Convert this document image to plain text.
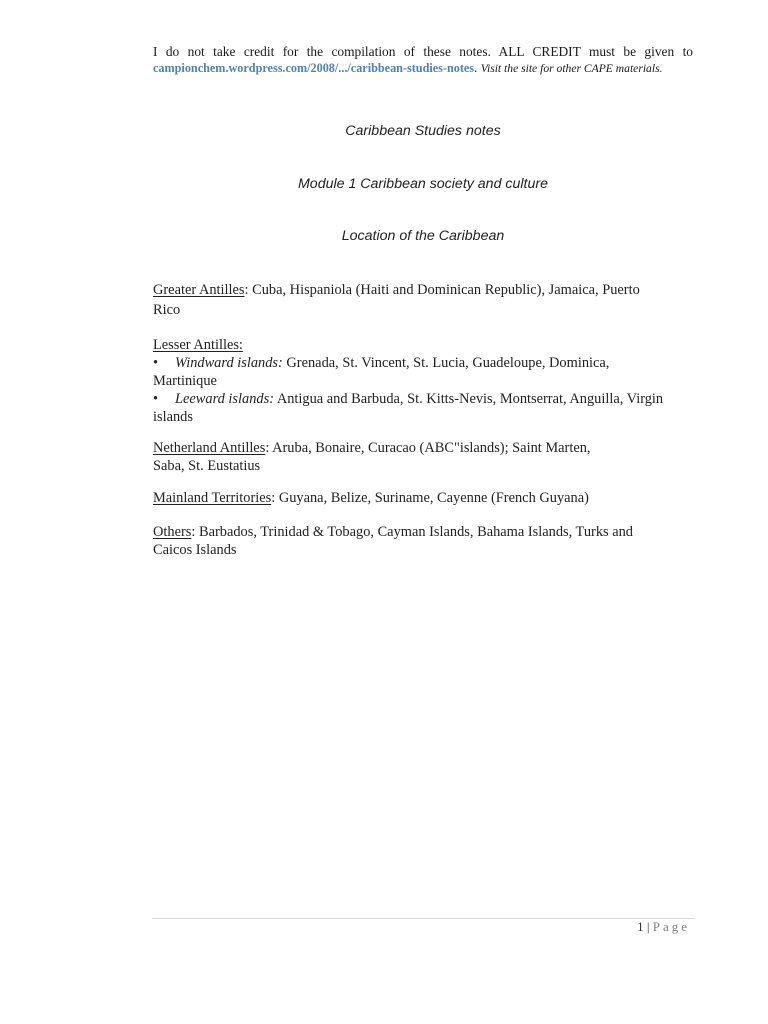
I do not take credit for the compilation of these notes. ALL CREDIT must be given to
campionchem.wordpress.com/2008/.../caribbean-studies-notes. Visit the site for other CAPE materials.
Caribbean Studies notes
Module 1 Caribbean society and culture
Location of the Caribbean
Greater Antilles: Cuba, Hispaniola (Haiti and Dominican Republic), Jamaica, Puerto
Rico
Lesser Antilles:
• Windward islands: Grenada, St. Vincent, St. Lucia, Guadeloupe, Dominica,
Martinique
• Leeward islands: Antigua and Barbuda, St. Kitts-Nevis, Montserrat, Anguilla, Virgin
islands
Netherland Antilles: Aruba, Bonaire, Curacao (ABC"islands); Saint Marten,
Saba, St. Eustatius
Mainland Territories: Guyana, Belize, Suriname, Cayenne (French Guyana)
Others: Barbados, Trinidad & Tobago, Cayman Islands, Bahama Islands, Turks and
Caicos Islands
1 | Page
